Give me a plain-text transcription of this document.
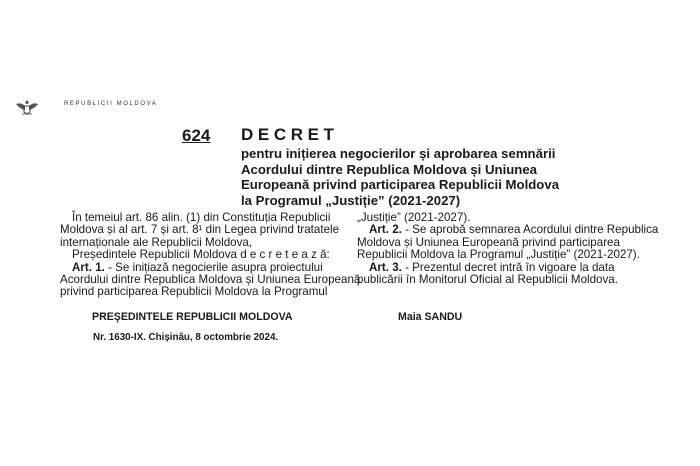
REPUBLICII MOLDOVA
624 DECRET
pentru inițierea negocierilor și aprobarea semnării
Acordului dintre Republica Moldova și Uniunea
Europeană privind participarea Republicii Moldova
la Programul „Justiție” (2021-2027)
În temeiul art. 86 alin. (1) din Constituția Republicii
Moldova și al art. 7 și art. 8¹ din Legea privind tratatele
internaționale ale Republicii Moldova,
Președintele Republicii Moldova d e c r e t e a z ă:
Art. 1. - Se inițiază negocierile asupra proiectului
Acordului dintre Republica Moldova și Uniunea Europeană
privind participarea Republicii Moldova la Programul
„Justiție” (2021-2027).
Art. 2. - Se aprobă semnarea Acordului dintre Republica
Moldova și Uniunea Europeană privind participarea
Republicii Moldova la Programul „Justiție” (2021-2027).
Art. 3. - Prezentul decret intră în vigoare la data
publicării în Monitorul Oficial al Republicii Moldova.
PREŞEDINTELE REPUBLICII MOLDOVA	Maia SANDU
Nr. 1630-IX. Chișinău, 8 octombrie 2024.
